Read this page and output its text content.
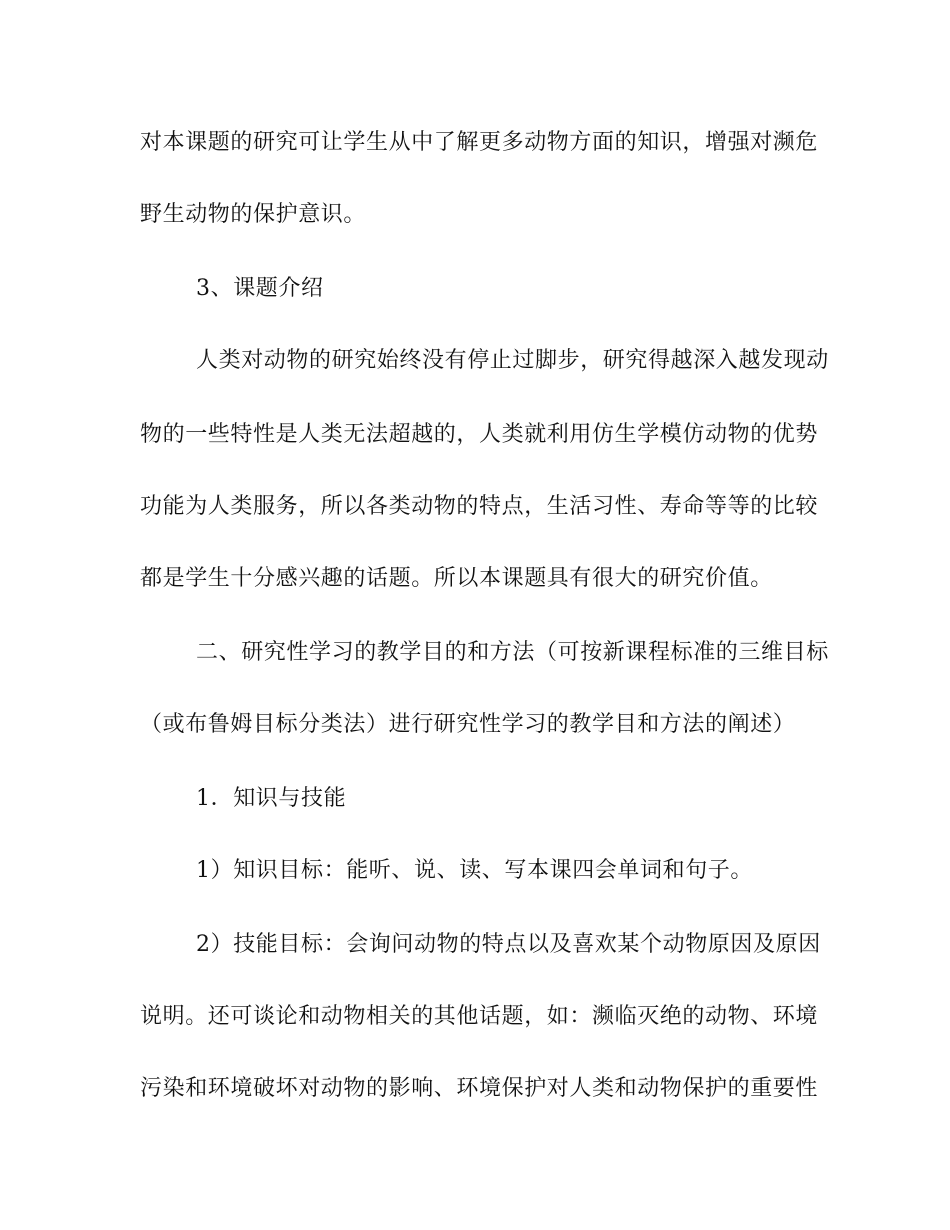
对本课题的研究可让学生从中了解更多动物方面的知识，增强对濒危
野生动物的保护意识。
3、课题介绍
人类对动物的研究始终没有停止过脚步，研究得越深入越发现动
物的一些特性是人类无法超越的，人类就利用仿生学模仿动物的优势
功能为人类服务，所以各类动物的特点，生活习性、寿命等等的比较
都是学生十分感兴趣的话题。所以本课题具有很大的研究价值。
二、研究性学习的教学目的和方法（可按新课程标准的三维目标
（或布鲁姆目标分类法）进行研究性学习的教学目和方法的阐述）
1．知识与技能
1）知识目标：能听、说、读、写本课四会单词和句子。
2）技能目标：会询问动物的特点以及喜欢某个动物原因及原因
说明。还可谈论和动物相关的其他话题，如：濒临灭绝的动物、环境
污染和环境破坏对动物的影响、环境保护对人类和动物保护的重要性
